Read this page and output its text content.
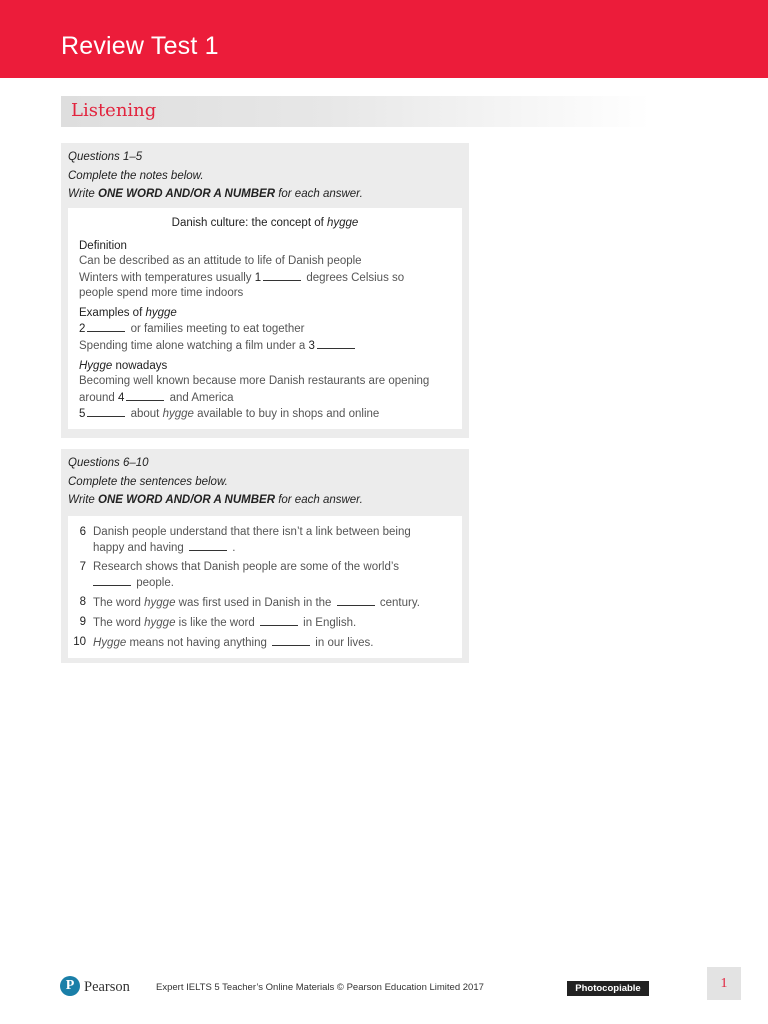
Review Test 1
Listening
Questions 1–5
Complete the notes below.
Write ONE WORD AND/OR A NUMBER for each answer.
Danish culture: the concept of hygge
Definition
Can be described as an attitude to life of Danish people
Winters with temperatures usually 1	degrees Celsius so
people spend more time indoors
Examples of hygge
2	or families meeting to eat together
Spending time alone watching a film under a 3
Hygge nowadays
Becoming well known because more Danish restaurants are opening
around 4	and America
5	about hygge available to buy in shops and online
Questions 6–10
Complete the sentences below.
Write ONE WORD AND/OR A NUMBER for each answer.
6 Danish people understand that there isn’t a link between being
happy and having	.
7 Research shows that Danish people are some of the world’s
people.
8 The word hygge was first used in Danish in the	century.
9 The word hygge is like the word	in English.
10 Hygge means not having anything	in our lives.
P Pearson	Expert IELTS 5 Teacher’s Online Materials © Pearson Education Limited 2017	Photocopiable	1
